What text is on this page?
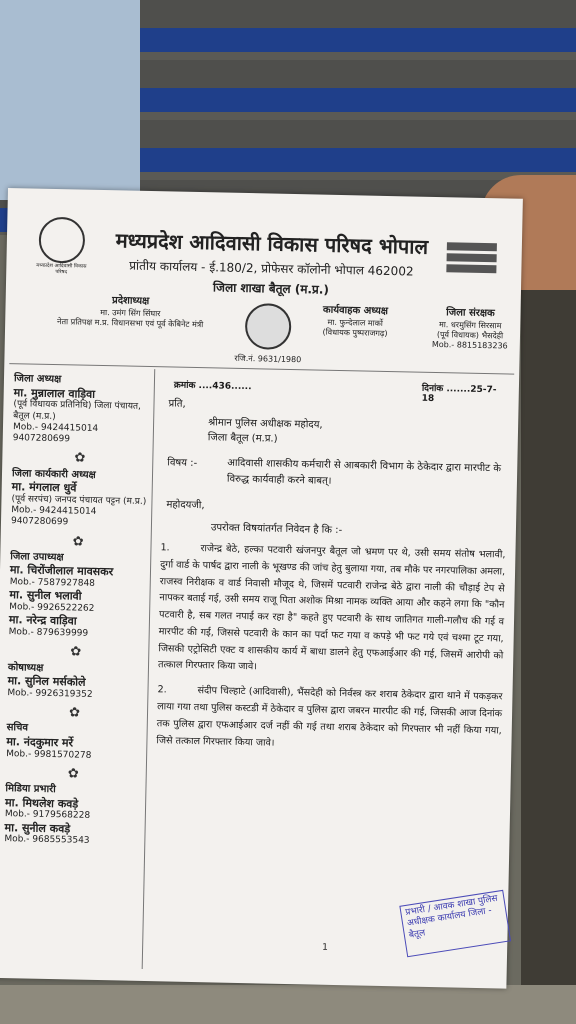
मध्यप्रदेश आदिवासी विकास परिषद
मध्यप्रदेश आदिवासी विकास परिषद भोपाल
प्रांतीय कार्यालय - ई.180/2, प्रोफेसर कॉलोनी भोपाल 462002
जिला शाखा बैतूल (म.प्र.)
प्रदेशाध्यक्ष
मा. उमंग सिंग सिंघार
नेता प्रतिपक्ष म.प्र. विधानसभा एवं पूर्व केबिनेट मंत्री
रजि.नं. 9631/1980
कार्यवाहक अध्यक्ष
मा. फुन्देलाल मार्को
(विधायक पुष्पराजगढ़)
जिला संरक्षक
मा. धरमुसिंग सिरसाम
(पूर्व विधायक) भैसदेही
Mob.- 8815183236
जिला अध्यक्ष
मा. मुन्नालाल वाड़िवा
(पूर्व विधायक प्रतिनिधि) जिला पंचायत, बैतूल (म.प्र.)
Mob.- 9424415014 9407280699
✿
जिला कार्यकारी अध्यक्ष
मा. मंगलाल धुर्वे
(पूर्व सरपंच) जनपद पंचायत पट्टन (म.प्र.)
Mob.- 9424415014 9407280699
✿
जिला उपाध्यक्ष
मा. चिरोंजीलाल मावसकर
Mob.- 7587927848
मा. सुनील भलावी
Mob.- 9926522262
मा. नरेन्द्र वाड़िवा
Mob.- 879639999
✿
कोषाध्यक्ष
मा. सुनिल मर्सकोले
Mob.- 9926319352
✿
सचिव
मा. नंदकुमार मर्रे
Mob.- 9981570278
✿
मिडिया प्रभारी
मा. मिथलेश कवड़े
Mob.- 9179568228
मा. सुनील कवड़े
Mob.- 9685553543
क्रमांक ....436......	दिनांक .......25-7-18
प्रति,
श्रीमान पुलिस अधीक्षक महोदय,
जिला बैतूल (म.प्र.)
विषय :-	आदिवासी शासकीय कर्मचारी से आबकारी विभाग के ठेकेदार द्वारा मारपीट के विरुद्ध कार्यवाही करने बाबत्।
महोदयजी,
उपरोक्त विषयांतर्गत निवेदन है कि :-
1.	राजेन्द्र बेठे, हल्का पटवारी खंजनपुर बैतूल जो भ्रमण पर थे, उसी समय संतोष भलावी, दुर्गा वार्ड के पार्षद द्वारा नाली के भूखण्ड की जांच हेतु बुलाया गया, तब मौके पर नगरपालिका अमला, राजस्व निरीक्षक व वार्ड निवासी मौजूद थे, जिसमें पटवारी राजेन्द्र बेठे द्वारा नाली की चौड़ाई टेप से नापकर बताई गई, उसी समय राजू पिता अशोक मिश्रा नामक व्यक्ति आया और कहने लगा कि "कौन पटवारी है, सब गलत नपाई कर रहा है" कहते हुए पटवारी के साथ जातिगत गाली-गलौच की गई व मारपीट की गई, जिससे पटवारी के कान का पर्दा फट गया व कपड़े भी फट गये एवं चश्मा टूट गया, जिसकी एट्रोसिटी एक्ट व शासकीय कार्य में बाधा डालने हेतु एफआईआर की गई, जिसमें आरोपी को तत्काल गिरफ्तार किया जावे।
2.	संदीप चिल्हाटे (आदिवासी), भैंसदेही को निर्वस्त्र कर शराब ठेकेदार द्वारा थाने में पकड़कर लाया गया तथा पुलिस कस्टडी में ठेकेदार व पुलिस द्वारा जबरन मारपीट की गई, जिसकी आज दिनांक तक पुलिस द्वारा एफआईआर दर्ज नहीं की गई तथा शराब ठेकेदार को गिरफ्तार भी नहीं किया गया, जिसे तत्काल गिरफ्तार किया जावे।
प्रभारी / आवक शाखा पुलिस अधीक्षक कार्यालय जिला - बैतूल
1
